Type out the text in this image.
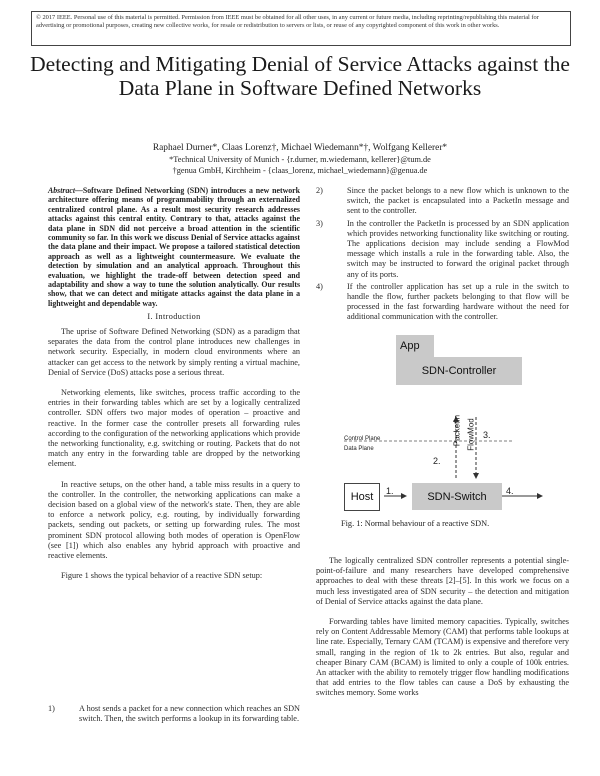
© 2017 IEEE. Personal use of this material is permitted. Permission from IEEE must be obtained for all other uses, in any current or future media, including reprinting/republishing this material for advertising or promotional purposes, creating new collective works, for resale or redistribution to servers or lists, or reuse of any copyrighted component of this work in other works.
Detecting and Mitigating Denial of Service Attacks against the Data Plane in Software Defined Networks
Raphael Durner*, Claas Lorenz†, Michael Wiedemann*†, Wolfgang Kellerer*
*Technical University of Munich - {r.durner, m.wiedemann, kellerer}@tum.de
†genua GmbH, Kirchheim - {claas_lorenz, michael_wiedemann}@genua.de
Abstract—Software Defined Networking (SDN) introduces a new network architecture offering means of programmability through an externalized centralized control plane. As a result most security research addresses attacks against this central entity. Contrary to that, attacks against the data plane in SDN did not perceive a broad attention in the scientific community so far. In this work we discuss Denial of Service attacks against the data plane and their impact. We propose a tailored statistical detection approach as well as a lightweight countermeasure. We evaluate the detection by simulation and an analytical approach. Throughout this evaluation, we highlight the trade-off between detection speed and adaptability and show a way to tune the solution analytically. Our results show, that we can detect and mitigate attacks against the data plane in a lightweight and dependable way.
I. Introduction

The uprise of Software Defined Networking (SDN) as a paradigm that separates the data from the control plane introduces new challenges in network security. Especially, in modern cloud environments where an attacker can get access to the network by simply renting a virtual machine, Denial of Service (DoS) attacks pose a serious threat.

Networking elements, like switches, process traffic according to the entries in their forwarding tables which are set by a logically centralized controller. SDN offers two major modes of operation – proactive and reactive. In the former case the controller presets all forwarding rules according to the configuration of the networking applications which provide the networking functionality, e.g. switching or routing. Packets that do not match any entry in the forwarding table are dropped by the networking element.

In reactive setups, on the other hand, a table miss results in a query to the controller. In the controller, the networking applications can make a decision based on a global view of the network's state. Then, they are able to enforce a network policy, e.g. routing, by individually forwarding packets, sending out packets, or setting up forwarding rules. The most prominent SDN protocol allowing both modes of operation is OpenFlow (see [1]) which also enables any hybrid approach with proactive and reactive elements.

Figure 1 shows the typical behavior of a reactive SDN setup:

1)	A host sends a packet for a new connection which reaches an SDN switch. Then, the switch performs a lookup in its forwarding table.
2)	Since the packet belongs to a new flow which is unknown to the switch, the packet is encapsulated into a PacketIn message and sent to the controller.
3)	In the controller the PacketIn is processed by an SDN application which provides networking functionality like switching or routing. The applications decision may include sending a FlowMod message which installs a rule in the forwarding table. Also, the switch may be instructed to forward the original packet through any of its ports.
4)	If the controller application has set up a rule in the switch to handle the flow, further packets belonging to that flow will be processed in the fast forwarding hardware without the need for additional communication with the controller.
App
SDN-Controller
Control Plane
Data Plane
PacketIn FlowMod
2.
3.
1.	4.
Host	SDN-Switch
Fig. 1: Normal behaviour of a reactive SDN.

The logically centralized SDN controller represents a potential single-point-of-failure and many researchers have developed comprehensive approaches to deal with these threats [2]–[5]. In this work we focus on a much less investigated area of SDN security – the detection and mitigation of Denial of Service attacks against the data plane.

Forwarding tables have limited memory capacities. Typically, switches rely on Content Addressable Memory (CAM) that performs table lookups at line rate. Especially, Ternary CAM (TCAM) is expensive and therefore very small, ranging in the region of 1k to 2k entries. But also, regular and cheaper Binary CAM (BCAM) is limited to only a couple of 100k entries. An attacker with the ability to remotely trigger flow handling modifications that add entries to the flow tables can cause a DoS by exhausting the switches memory. Some works
